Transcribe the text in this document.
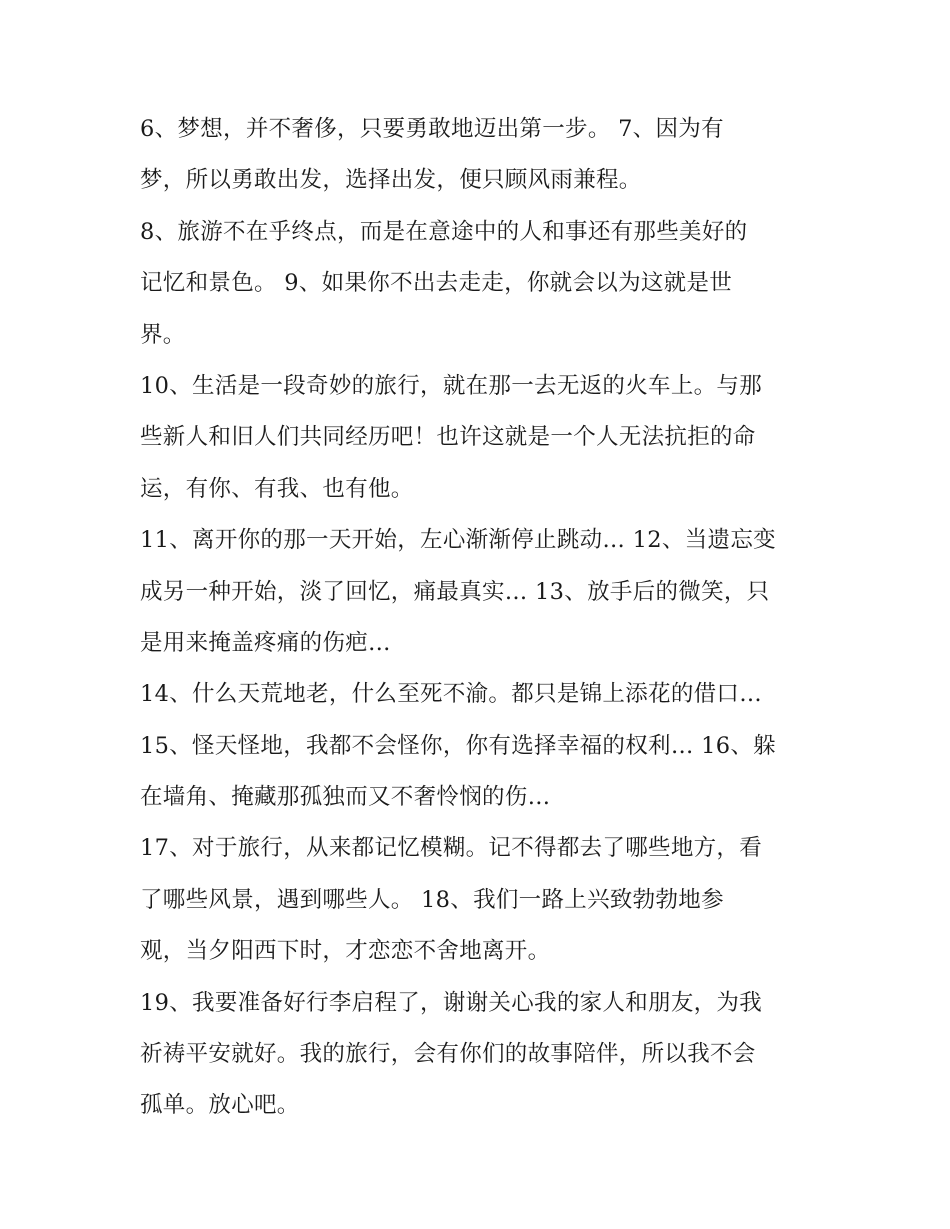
6、梦想，并不奢侈，只要勇敢地迈出第一步。 7、因为有
梦，所以勇敢出发，选择出发，便只顾风雨兼程。
8、旅游不在乎终点，而是在意途中的人和事还有那些美好的
记忆和景色。 9、如果你不出去走走，你就会以为这就是世
界。
10、生活是一段奇妙的旅行，就在那一去无返的火车上。与那
些新人和旧人们共同经历吧！也许这就是一个人无法抗拒的命
运，有你、有我、也有他。
11、离开你的那一天开始，左心渐渐停止跳动… 12、当遗忘变
成另一种开始，淡了回忆，痛最真实… 13、放手后的微笑，只
是用来掩盖疼痛的伤疤…
14、什么天荒地老，什么至死不渝。都只是锦上添花的借口…
15、怪天怪地，我都不会怪你，你有选择幸福的权利… 16、躲
在墙角、掩藏那孤独而又不奢怜悯的伤…
17、对于旅行，从来都记忆模糊。记不得都去了哪些地方，看
了哪些风景，遇到哪些人。 18、我们一路上兴致勃勃地参
观，当夕阳西下时，才恋恋不舍地离开。
19、我要准备好行李启程了，谢谢关心我的家人和朋友，为我
祈祷平安就好。我的旅行，会有你们的故事陪伴，所以我不会
孤单。放心吧。
